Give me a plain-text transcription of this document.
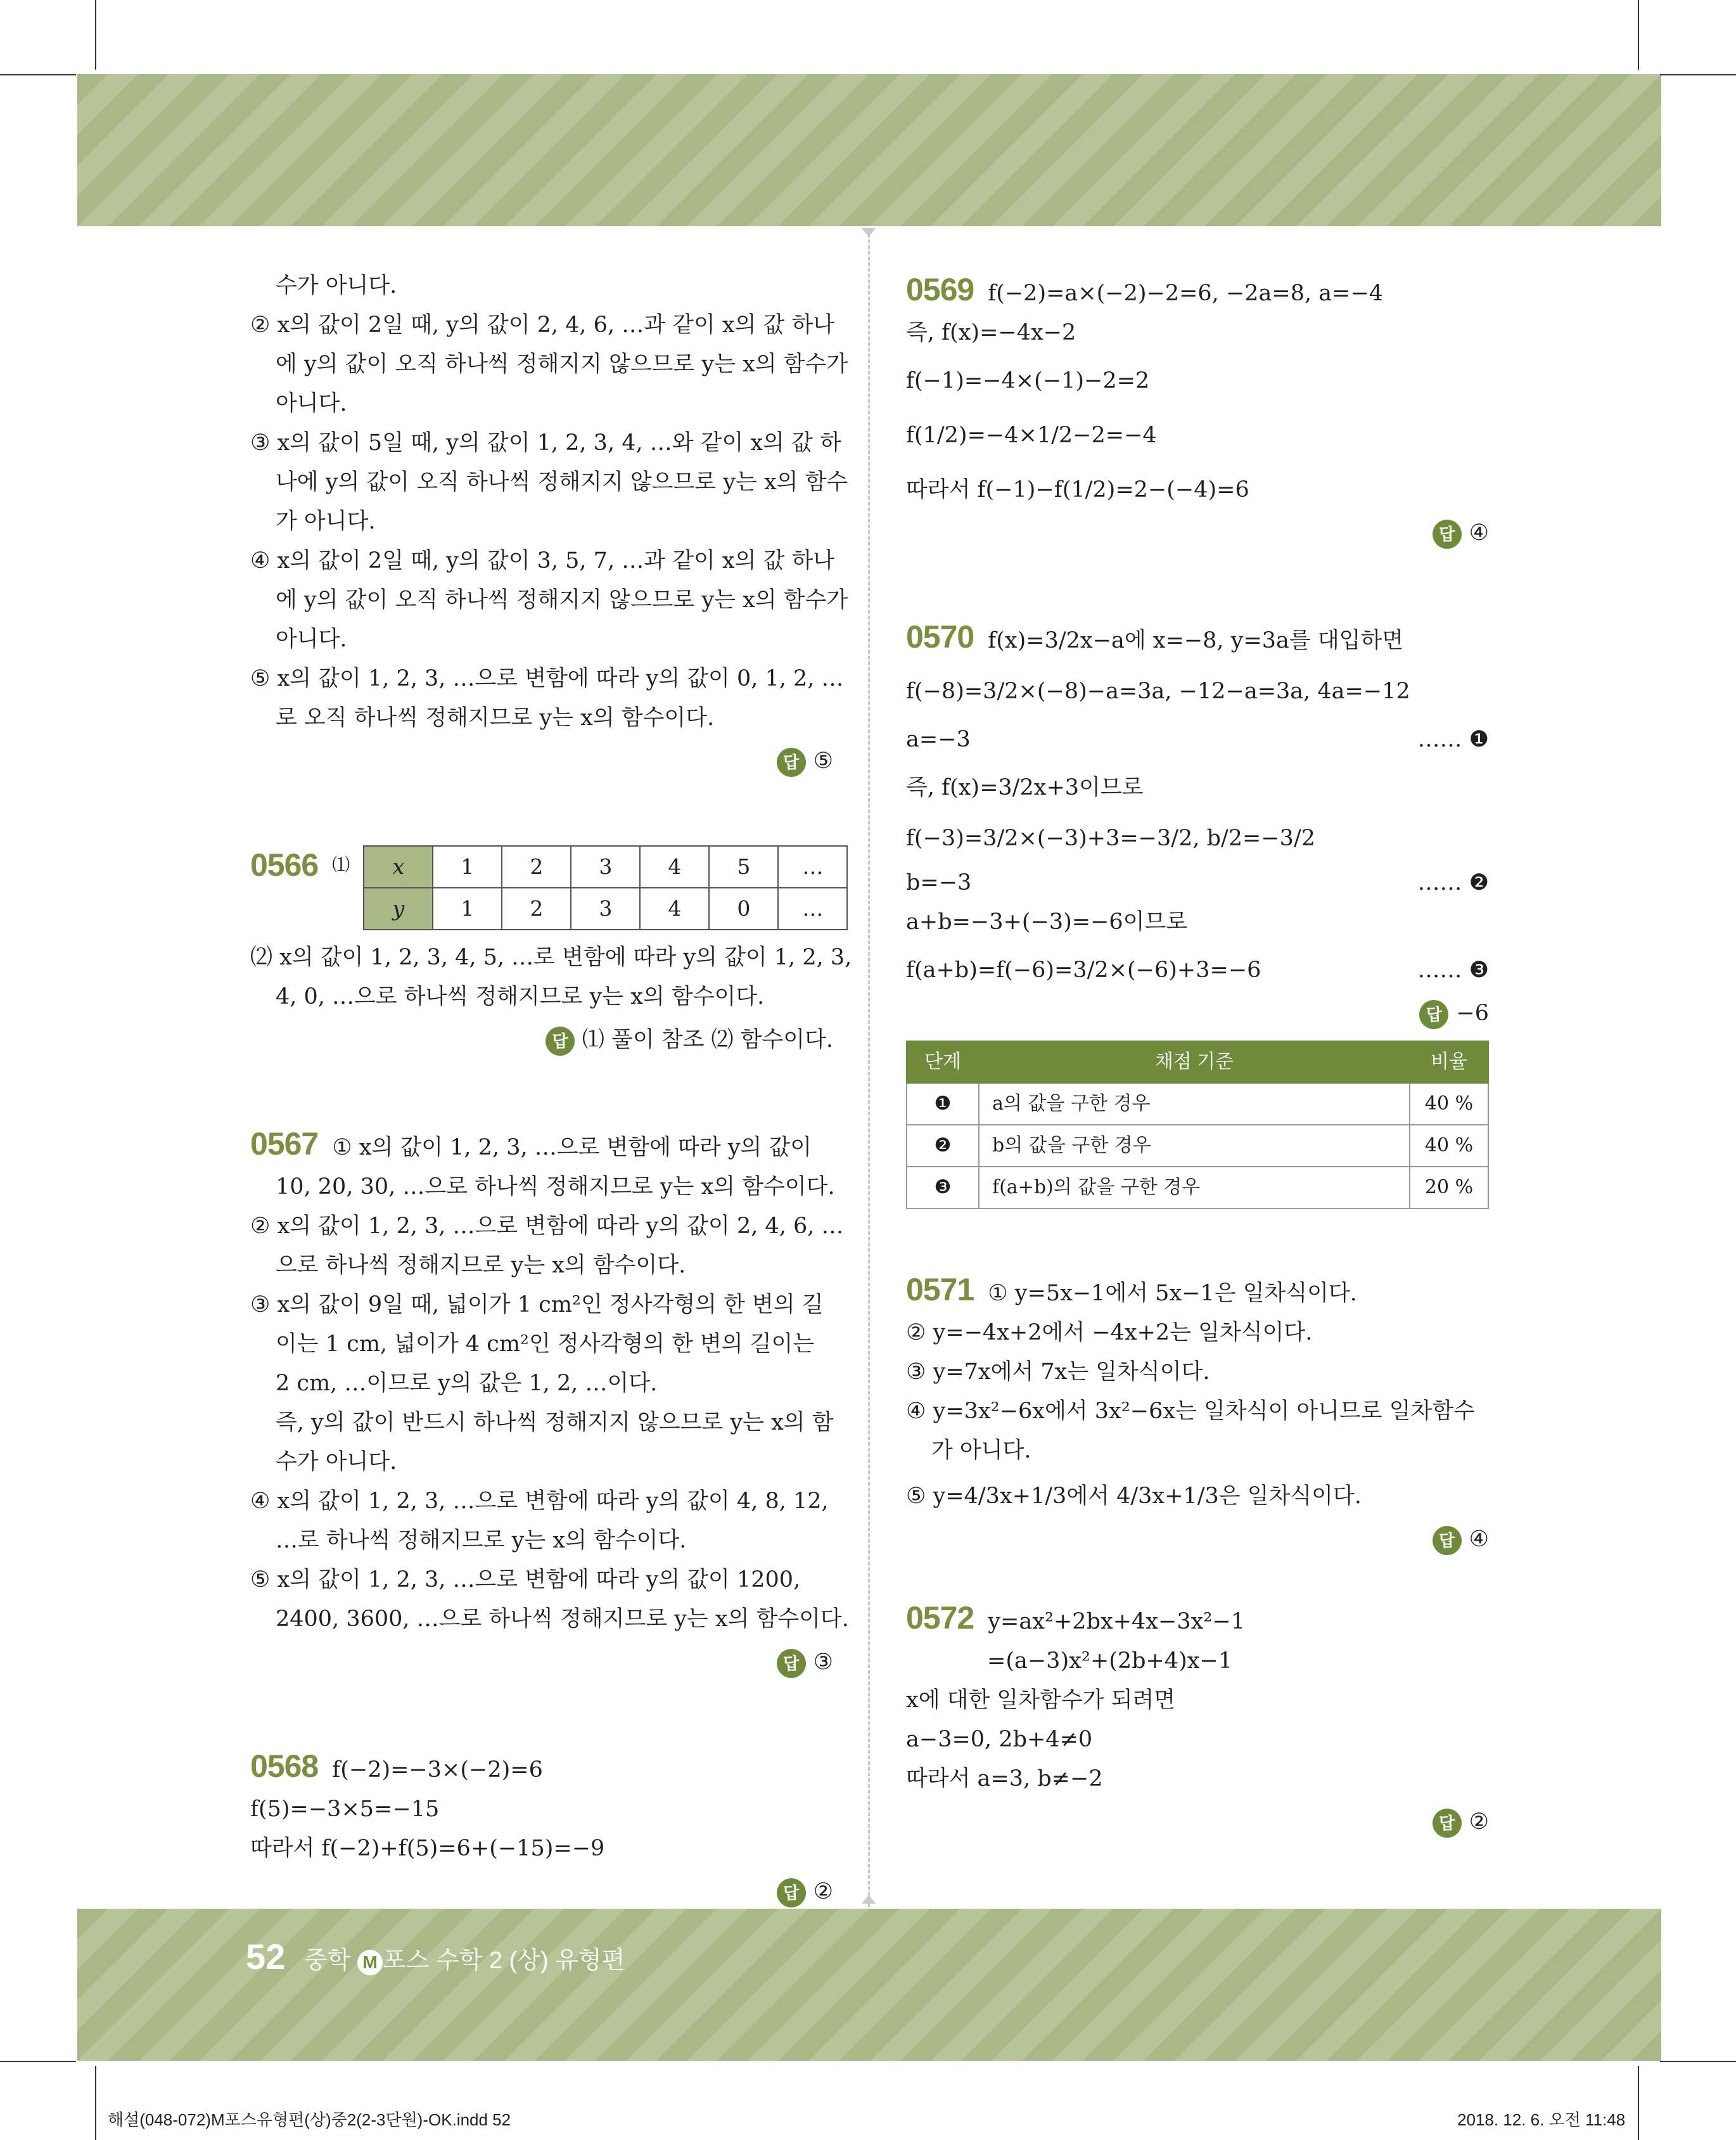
수가 아니다.
② x의 값이 2일 때, y의 값이 2, 4, 6, …과 같이 x의 값 하나
에 y의 값이 오직 하나씩 정해지지 않으므로 y는 x의 함수가
아니다.
③ x의 값이 5일 때, y의 값이 1, 2, 3, 4, …와 같이 x의 값 하
나에 y의 값이 오직 하나씩 정해지지 않으므로 y는 x의 함수
가 아니다.
④ x의 값이 2일 때, y의 값이 3, 5, 7, …과 같이 x의 값 하나
에 y의 값이 오직 하나씩 정해지지 않으므로 y는 x의 함수가
아니다.
⑤ x의 값이 1, 2, 3, …으로 변함에 따라 y의 값이 0, 1, 2, …
로 오직 하나씩 정해지므로 y는 x의 함수이다.
답 ⑤
0566 ⑴ x	1	2	3	4	5	…
y	1	2	3	4	0	…
⑵ x의 값이 1, 2, 3, 4, 5, …로 변함에 따라 y의 값이 1, 2, 3,
4, 0, …으로 하나씩 정해지므로 y는 x의 함수이다.
답 ⑴ 풀이 참조 ⑵ 함수이다.
0567 ① x의 값이 1, 2, 3, …으로 변함에 따라 y의 값이
10, 20, 30, …으로 하나씩 정해지므로 y는 x의 함수이다.
② x의 값이 1, 2, 3, …으로 변함에 따라 y의 값이 2, 4, 6, …
으로 하나씩 정해지므로 y는 x의 함수이다.
③ x의 값이 9일 때, 넓이가 1 cm²인 정사각형의 한 변의 길
이는 1 cm, 넓이가 4 cm²인 정사각형의 한 변의 길이는
2 cm, …이므로 y의 값은 1, 2, …이다.
즉, y의 값이 반드시 하나씩 정해지지 않으므로 y는 x의 함
수가 아니다.
④ x의 값이 1, 2, 3, …으로 변함에 따라 y의 값이 4, 8, 12,
…로 하나씩 정해지므로 y는 x의 함수이다.
⑤ x의 값이 1, 2, 3, …으로 변함에 따라 y의 값이 1200,
2400, 3600, …으로 하나씩 정해지므로 y는 x의 함수이다.
답 ③
0568 f(−2)=−3×(−2)=6
f(5)=−3×5=−15
따라서 f(−2)+f(5)=6+(−15)=−9
답 ②
0569 f(−2)=a×(−2)−2=6, −2a=8, a=−4
즉, f(x)=−4x−2
f(−1)=−4×(−1)−2=2
f(1/2)=−4×1/2−2=−4
따라서 f(−1)−f(1/2)=2−(−4)=6
답 ④
0570 f(x)=3/2x−a에 x=−8, y=3a를 대입하면
f(−8)=3/2×(−8)−a=3a, −12−a=3a, 4a=−12
a=−3	…… ❶
즉, f(x)=3/2x+3이므로
f(−3)=3/2×(−3)+3=−3/2, b/2=−3/2
b=−3	…… ❷
a+b=−3+(−3)=−6이므로
f(a+b)=f(−6)=3/2×(−6)+3=−6	…… ❸
답 −6
단계	채점 기준	비율
❶	a의 값을 구한 경우	40 %
❷	b의 값을 구한 경우	40 %
❸	f(a+b)의 값을 구한 경우	20 %
0571 ① y=5x−1에서 5x−1은 일차식이다.
② y=−4x+2에서 −4x+2는 일차식이다.
③ y=7x에서 7x는 일차식이다.
④ y=3x²−6x에서 3x²−6x는 일차식이 아니므로 일차함수
가 아니다.
⑤ y=4/3x+1/3에서 4/3x+1/3은 일차식이다.
답 ④
0572 y=ax²+2bx+4x−3x²−1
=(a−3)x²+(2b+4)x−1
x에 대한 일차함수가 되려면
a−3=0, 2b+4≠0
따라서 a=3, b≠−2
답 ②
52 중학 M 포스 수학 2 (상) 유형편
해설(048-072)M포스유형편(상)중2(2-3단원)-OK.indd 52	2018. 12. 6. 오전 11:48
